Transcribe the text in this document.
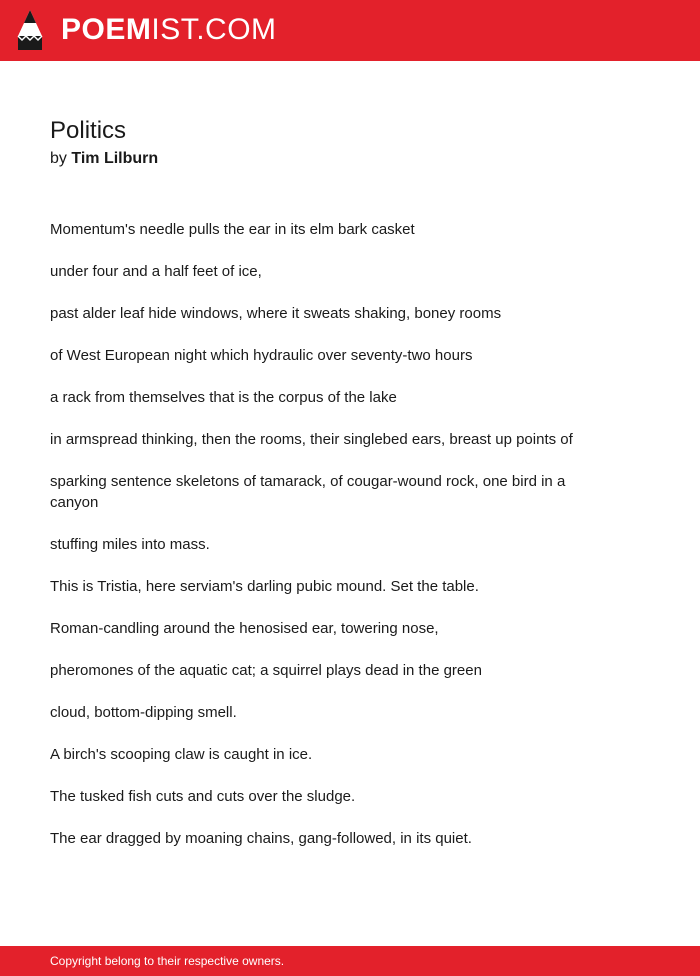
POEMIST.COM
Politics
by Tim Lilburn

Momentum's needle pulls the ear in its elm bark casket

under four and a half feet of ice,

past alder leaf hide windows, where it sweats shaking, boney rooms

of West European night which hydraulic over seventy-two hours

a rack from themselves that is the corpus of the lake

in armspread thinking, then the rooms, their singlebed ears, breast up points of

sparking sentence skeletons of tamarack, of cougar-wound rock, one bird in a canyon

stuffing miles into mass.

This is Tristia, here serviam's darling pubic mound. Set the table.

Roman-candling around the henosised ear, towering nose,

pheromones of the aquatic cat; a squirrel plays dead in the green

cloud, bottom-dipping smell.

A birch's scooping claw is caught in ice.

The tusked fish cuts and cuts over the sludge.

The ear dragged by moaning chains, gang-followed, in its quiet.

Copyright belong to their respective owners.
